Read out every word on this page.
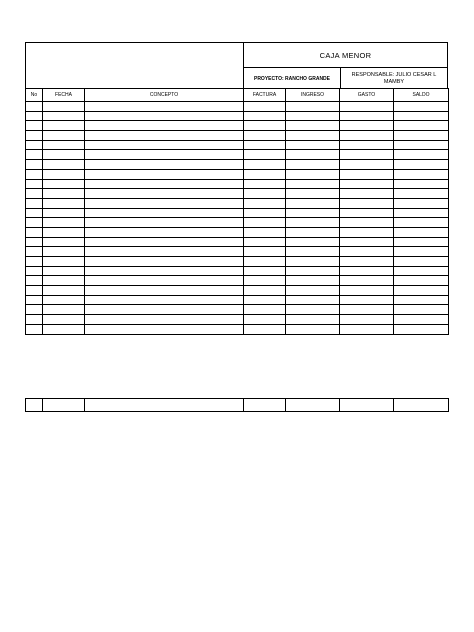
CAJA MENOR
PROYECTO: RANCHO GRANDE
RESPONSABLE: JULIO CESAR L MAMBY
No	FECHA	CONCEPTO	FACTURA	INGRESO	GASTO	SALDO
